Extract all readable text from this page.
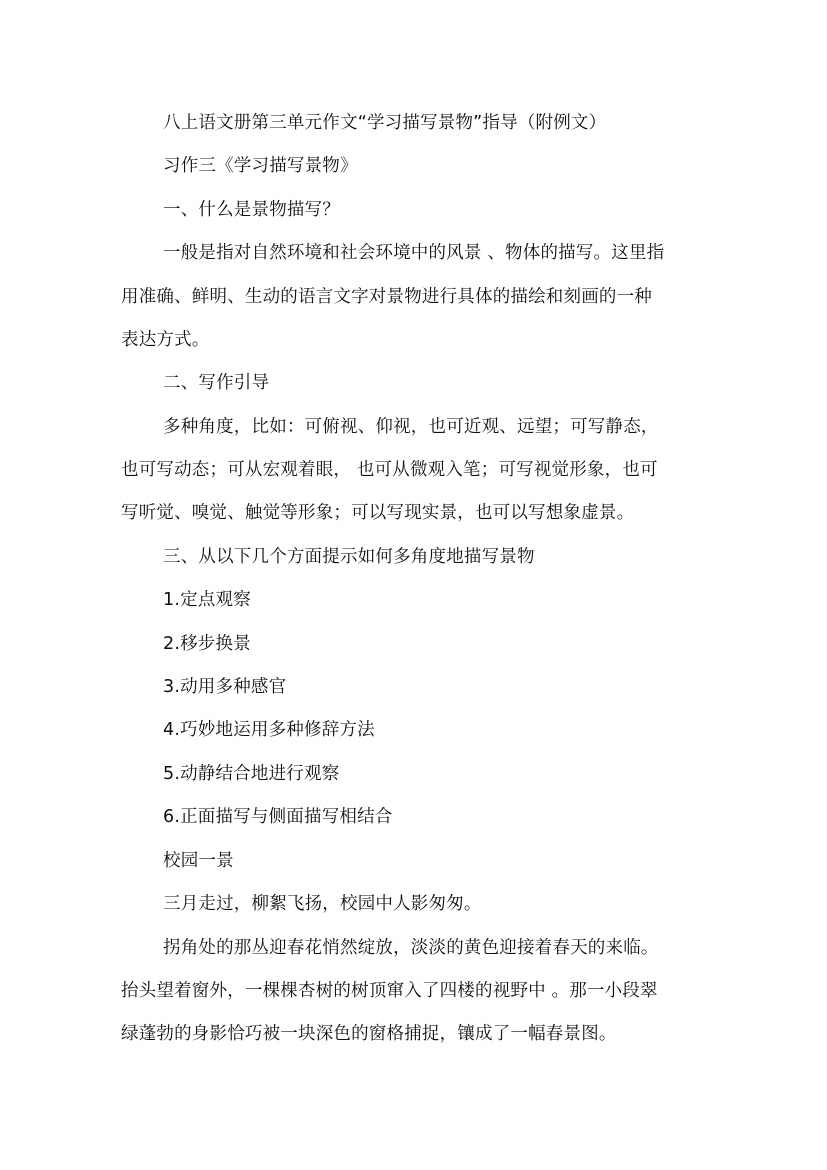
八上语文册第三单元作文“学习描写景物”指导（附例文）
习作三《学习描写景物》
一、什么是景物描写？
一般是指对自然环境和社会环境中的风景 、物体的描写。这里指
用准确、鲜明、生动的语言文字对景物进行具体的描绘和刻画的一种
表达方式。
二、写作引导
多种角度，比如：可俯视、仰视，也可近观、远望；可写静态，
也可写动态；可从宏观着眼， 也可从微观入笔；可写视觉形象，也可
写听觉、嗅觉、触觉等形象；可以写现实景，也可以写想象虚景。
三、从以下几个方面提示如何多角度地描写景物
1.定点观察
2.移步换景
3.动用多种感官
4.巧妙地运用多种修辞方法
5.动静结合地进行观察
6.正面描写与侧面描写相结合
校园一景
三月走过，柳絮飞扬，校园中人影匆匆。
拐角处的那丛迎春花悄然绽放，淡淡的黄色迎接着春天的来临。
抬头望着窗外，一棵棵杏树的树顶窜入了四楼的视野中 。那一小段翠
绿蓬勃的身影恰巧被一块深色的窗格捕捉，镶成了一幅春景图。
